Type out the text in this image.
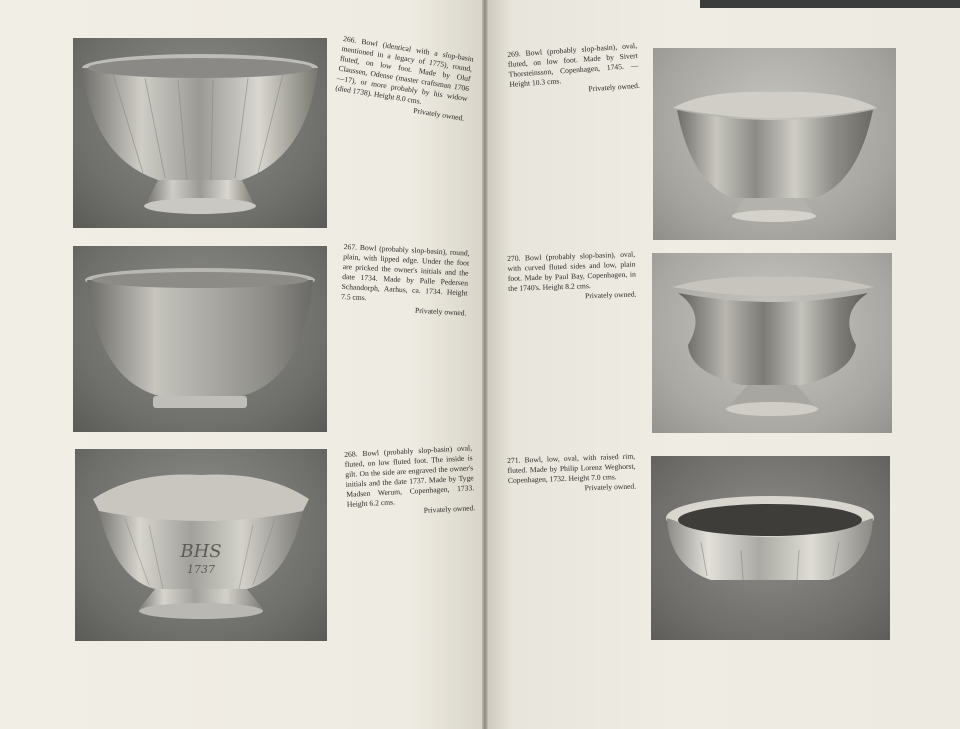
266. Bowl (identical with a slop-basin mentioned in a legacy of 1775), round, fluted, on low foot. Made by Oluf Claussen, Odense (master craftsman 1706—17), or more probably by his widow (died 1738). Height 8.0 cms.
Privately owned.
267. Bowl (probably slop-basin), round, plain, with lipped edge. Under the foot are pricked the owner's initials and the date 1734. Made by Palle Pedersen Schandorph, Aarhus, ca. 1734. Height 7.5 cms.
Privately owned.
BHS
1737
268. Bowl (probably slop-basin) oval, fluted, on low fluted foot. The inside is gilt. On the side are engraved the owner's initials and the date 1737. Made by Tyge Madsen Werum, Copenhagen, 1733. Height 6.2 cms.
Privately owned.
269. Bowl (probably slop-basin), oval, fluted, on low foot. Made by Sivert Thorsteinsson, Copenhagen, 1745. — Height 10.3 cms.	Privately owned.
270. Bowl (probably slop-basin), oval, with curved fluted sides and low, plain foot. Made by Paul Bay, Copenhagen, in the 1740's. Height 8.2 cms.
Privately owned.
271. Bowl, low, oval, with raised rim, fluted. Made by Philip Lorenz Weghorst, Copenhagen, 1732. Height 7.0 cms.
Privately owned.
